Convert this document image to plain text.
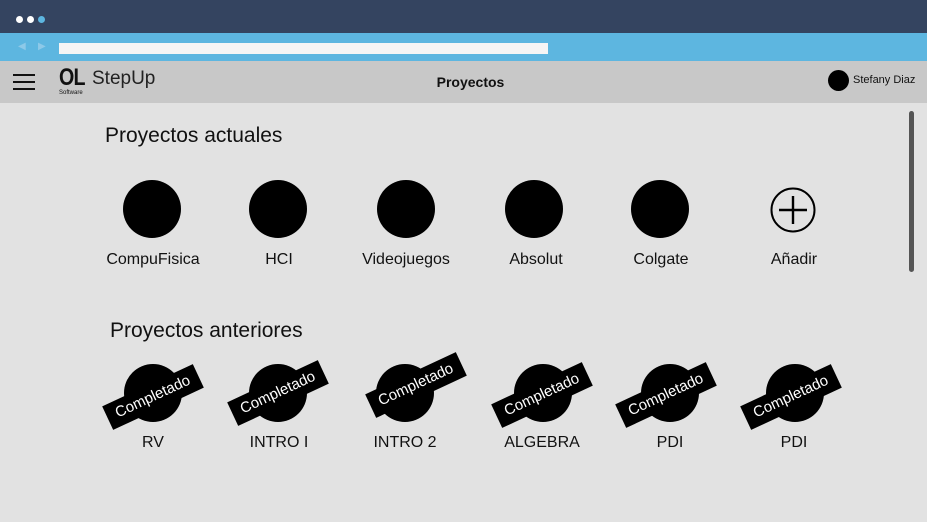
◀ ▶
OL
Software
StepUp	Proyectos	Stefany Diaz
Proyectos actuales
CompuFisica	HCI	Videojuegos	Absolut	Colgate	Añadir
Proyectos anteriores
Completado
RV
Completado
INTRO I
Completado
INTRO 2
Completado
ALGEBRA
Completado
PDI
Completado
PDI
